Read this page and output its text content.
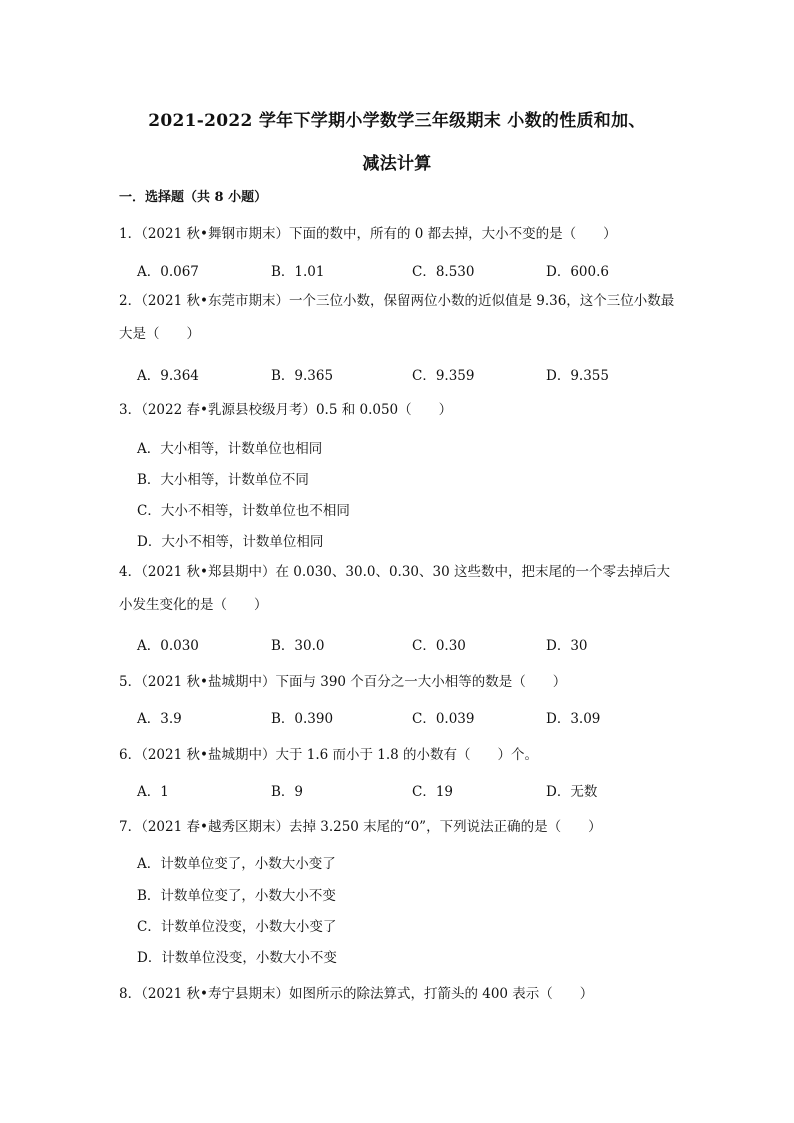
2021-2022 学年下学期小学数学三年级期末 小数的性质和加、
减法计算
一．选择题（共 8 小题）
1．（2021 秋•舞钢市期末）下面的数中，所有的 0 都去掉，大小不变的是（　　）
A．0.067	B．1.01	C．8.530	D．600.6
2．（2021 秋•东莞市期末）一个三位小数，保留两位小数的近似值是 9.36，这个三位小数最大是（　　）
A．9.364	B．9.365	C．9.359	D．9.355
3．（2022 春•乳源县校级月考）0.5 和 0.050（　　）
A．大小相等，计数单位也相同
B．大小相等，计数单位不同
C．大小不相等，计数单位也不相同
D．大小不相等，计数单位相同
4．（2021 秋•郑县期中）在 0.030、30.0、0.30、30 这些数中，把末尾的一个零去掉后大小发生变化的是（　　）
A．0.030	B．30.0	C．0.30	D．30
5．（2021 秋•盐城期中）下面与 390 个百分之一大小相等的数是（　　）
A．3.9	B．0.390	C．0.039	D．3.09
6．（2021 秋•盐城期中）大于 1.6 而小于 1.8 的小数有（　　）个。
A．1	B．9	C．19	D．无数
7．（2021 春•越秀区期末）去掉 3.250 末尾的“0”，下列说法正确的是（　　）
A．计数单位变了，小数大小变了
B．计数单位变了，小数大小不变
C．计数单位没变，小数大小变了
D．计数单位没变，小数大小不变
8．（2021 秋•寿宁县期末）如图所示的除法算式，打箭头的 400 表示（　　）
